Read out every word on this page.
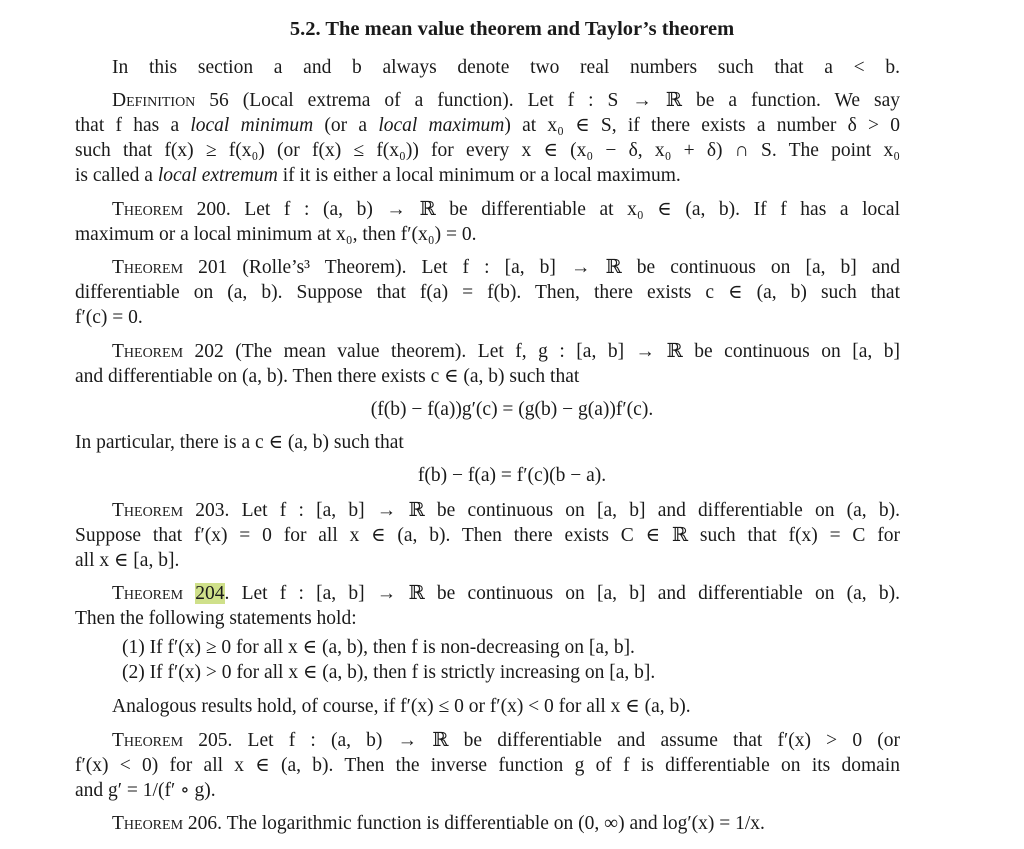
5.2. The mean value theorem and Taylor’s theorem
In this section a and b always denote two real numbers such that a < b.
Definition 56 (Local extrema of a function). Let f : S → ℝ be a function. We say
that f has a local minimum (or a local maximum) at x₀ ∈ S, if there exists a number δ > 0
such that f(x) ≥ f(x₀) (or f(x) ≤ f(x₀)) for every x ∈ (x₀ − δ, x₀ + δ) ∩ S. The point x₀
is called a local extremum if it is either a local minimum or a local maximum.
Theorem 200. Let f : (a, b) → ℝ be differentiable at x₀ ∈ (a, b). If f has a local
maximum or a local minimum at x₀, then f′(x₀) = 0.
Theorem 201 (Rolle’s³ Theorem). Let f : [a, b] → ℝ be continuous on [a, b] and
differentiable on (a, b). Suppose that f(a) = f(b). Then, there exists c ∈ (a, b) such that
f′(c) = 0.
Theorem 202 (The mean value theorem). Let f, g : [a, b] → ℝ be continuous on [a, b]
and differentiable on (a, b). Then there exists c ∈ (a, b) such that
(f(b) − f(a))g′(c) = (g(b) − g(a))f′(c).
In particular, there is a c ∈ (a, b) such that
f(b) − f(a) = f′(c)(b − a).
Theorem 203. Let f : [a, b] → ℝ be continuous on [a, b] and differentiable on (a, b).
Suppose that f′(x) = 0 for all x ∈ (a, b). Then there exists C ∈ ℝ such that f(x) = C for
all x ∈ [a, b].
Theorem 204. Let f : [a, b] → ℝ be continuous on [a, b] and differentiable on (a, b).
Then the following statements hold:
(1) If f′(x) ≥ 0 for all x ∈ (a, b), then f is non-decreasing on [a, b].
(2) If f′(x) > 0 for all x ∈ (a, b), then f is strictly increasing on [a, b].
Analogous results hold, of course, if f′(x) ≤ 0 or f′(x) < 0 for all x ∈ (a, b).
Theorem 205. Let f : (a, b) → ℝ be differentiable and assume that f′(x) > 0 (or
f′(x) < 0) for all x ∈ (a, b). Then the inverse function g of f is differentiable on its domain
and g′ = 1/(f′ ∘ g).
Theorem 206. The logarithmic function is differentiable on (0, ∞) and log′(x) = 1/x.
